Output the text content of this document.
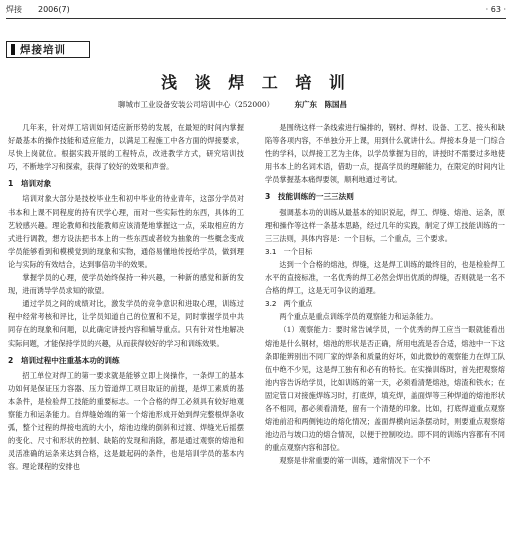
焊接 2006(7)	· 63 ·
焊接培训
浅 谈 焊 工 培 训
聊城市工业设备安装公司培训中心（252000）	东广东　陈国昌

几年来，针对焊工培训如何适应新形势的发展，在最短的时间内掌握好最基本的操作技能和适应能力，以满足工程施工中各方面的焊接要求，尽快上岗就位。根据实践开展的工程特点，改进教学方式，研究培训技巧，不断地学习和探索，获得了较好的效果和声誉。

1　培训对象

培训对象大部分是技校毕业生和初中毕业的待业青年，这部分学员对书本和上课不同程度的持有厌学心理，而对一些实际性的东西，具体的工艺较感兴趣。理论教师和技能教师应该清楚地掌握这一点，采取相应的方式进行调教，想方设法把书本上的一些东西或者较为抽象的一些概念变成学员能够看到和模模觉到的现象和实物，通俗易懂地传授给学员，做到理论与实际的有效结合，达到事倍功半的效果。

掌握学员的心理，使学员始终保持一种兴趣，一种新的感觉和新的发现，进而诱导学员求知的欲望。

通过学员之间的成绩对比，激发学员的竞争意识和进取心理，训练过程中经常考核和评比，让学员知道自己的位置和不足，同时掌握学员中共同存在的现象和问题，以此确定讲授内容和辅导重点。只有针对性地解决实际问题，才能保持学员的兴趣，从而获得较好的学习和训练效果。

2　培训过程中注重基本功的训练

招工单位对焊工的第一要求就是能够立即上岗操作，一条焊工的基本功如何是保证压力容器、压力管道焊工项目取证的前提，是焊工素质的基本条件，是检验焊工技能的重要标志。一个合格的焊工必须具有较好地观察能力和运条能力。自焊缝始端的第一个熔池形成开始到焊完整根焊条收弧，整个过程的焊接电流的大小，熔池边缘的倒斜和过渡、焊缝光后摇摆的变化、尺寸和形状的控制、缺陷的发现和消除，都是通过观察的熔池和灵活准确的运条来达到合格，这是最起码的条件，也是培训学员的基本内容。理论课程的安排也

是围绕这样一条线索进行编排的，钢材、焊材、设备、工艺、接头和缺陷等各项内容，不单独分开上课，用到什么就讲什么。焊接本身是一门综合性的学科，以焊接工艺为主体，以学员掌握为目的，讲授时不需要过多地使用书本上的名词术语，借助一点，提高学员的理解能力，在限定的时间内让学员掌握基本痛焊要领，顺利地通过考试。

3　技能训练的一三三法则

强调基本功的训练从最基本的知识说起，焊工、焊缝、熔池、运条，原理和操作等这样一条基本思路，经过几年的实践，制定了焊工技能训练的一三三法则，具体内容是：一个目标，二个重点，三个要求。

3.1　一个目标

达到一个合格的熔池，焊缝，这是焊工训练的最终目的，也是检验焊工水平的直接标准，一名优秀的焊工必然会焊出优质的焊缝，否则就是一名不合格的焊工，这是无可争议的道理。

3.2　两个重点

两个重点是重点训练学员的观察能力和运条能力。

（1）观察能力：要时常告诫学员，一个优秀的焊工应当一眼就能看出熔池是什么钢材，熔池的形状是否正确，所用电流是否合适，熔池中一下这条即能辨别出不同厂家的焊条和质量的好坏，如此微妙的观察能力在焊工队伍中绝不少见，这是焊工独有和必有的特长。在实操训练时，首先把观察熔池内容告诉给学员，比如训练的第一天，必须看清楚熔池，熔渣和铁水；在固定管口对接施焊练习时，打底焊，填充焊，盖面焊等三种焊道的熔池形状各不相同，都必须看清楚，留有一个清楚的印象。比如，打底焊道重点观察熔池前沿和两侧钝边的熔化情况；盖面焊横向运条摆动时，则要重点观察熔池边沿与坡口边的熔合情况，以便于控制咬边。即不同的训练内容都有不同的重点观察内容和部位。

观察是非常重要的第一训练，通常情况下一个不
